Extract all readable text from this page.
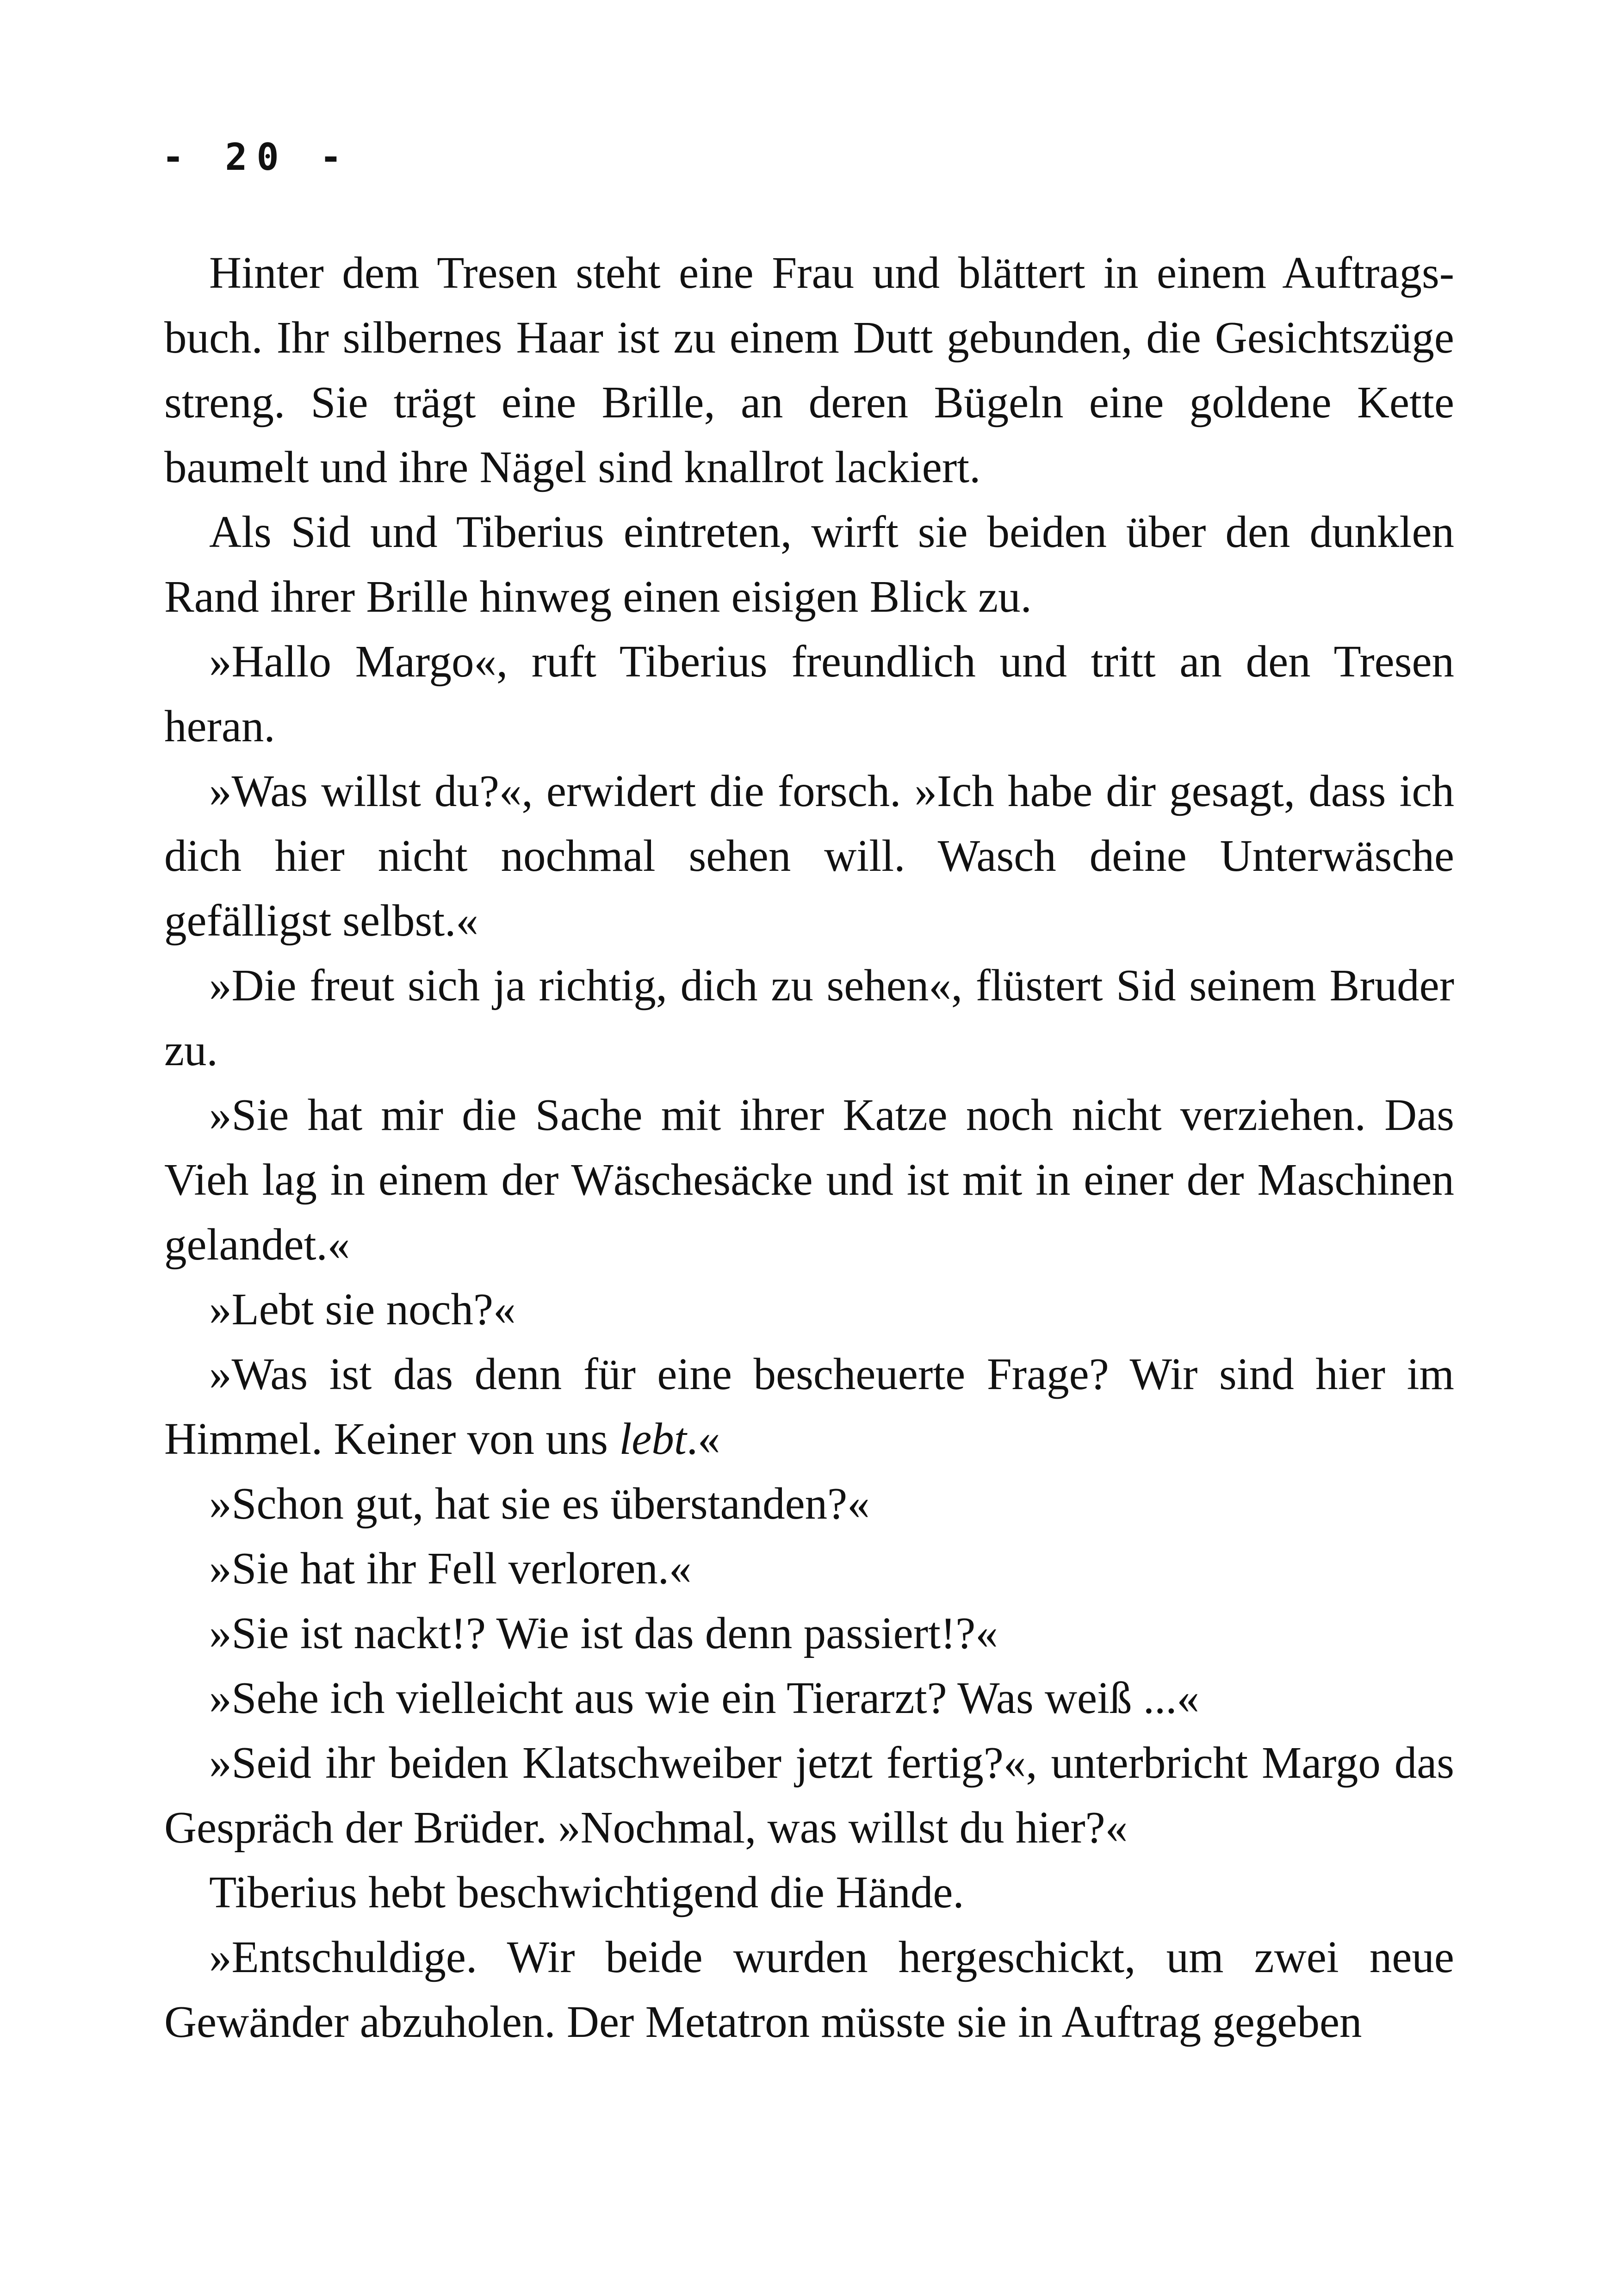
- 20 -

Hinter dem Tresen steht eine Frau und blättert in einem Auftragsbuch. Ihr silbernes Haar ist zu einem Dutt gebunden, die Gesichtszüge streng. Sie trägt eine Brille, an deren Bügeln eine goldene Kette baumelt und ihre Nägel sind knallrot lackiert.

Als Sid und Tiberius eintreten, wirft sie beiden über den dunklen Rand ihrer Brille hinweg einen eisigen Blick zu.

»Hallo Margo«, ruft Tiberius freundlich und tritt an den Tresen heran.

»Was willst du?«, erwidert die forsch. »Ich habe dir gesagt, dass ich dich hier nicht nochmal sehen will. Wasch deine Unterwäsche gefälligst selbst.«

»Die freut sich ja richtig, dich zu sehen«, flüstert Sid seinem Bruder zu.

»Sie hat mir die Sache mit ihrer Katze noch nicht verziehen. Das Vieh lag in einem der Wäschesäcke und ist mit in einer der Maschinen gelandet.«

»Lebt sie noch?«

»Was ist das denn für eine bescheuerte Frage? Wir sind hier im Himmel. Keiner von uns lebt.«

»Schon gut, hat sie es überstanden?«

»Sie hat ihr Fell verloren.«

»Sie ist nackt!? Wie ist das denn passiert!?«

»Sehe ich vielleicht aus wie ein Tierarzt? Was weiß ...«

»Seid ihr beiden Klatschweiber jetzt fertig?«, unterbricht Margo das Gespräch der Brüder. »Nochmal, was willst du hier?«

Tiberius hebt beschwichtigend die Hände.

»Entschuldige. Wir beide wurden hergeschickt, um zwei neue Gewänder abzuholen. Der Metatron müsste sie in Auftrag gegeben
